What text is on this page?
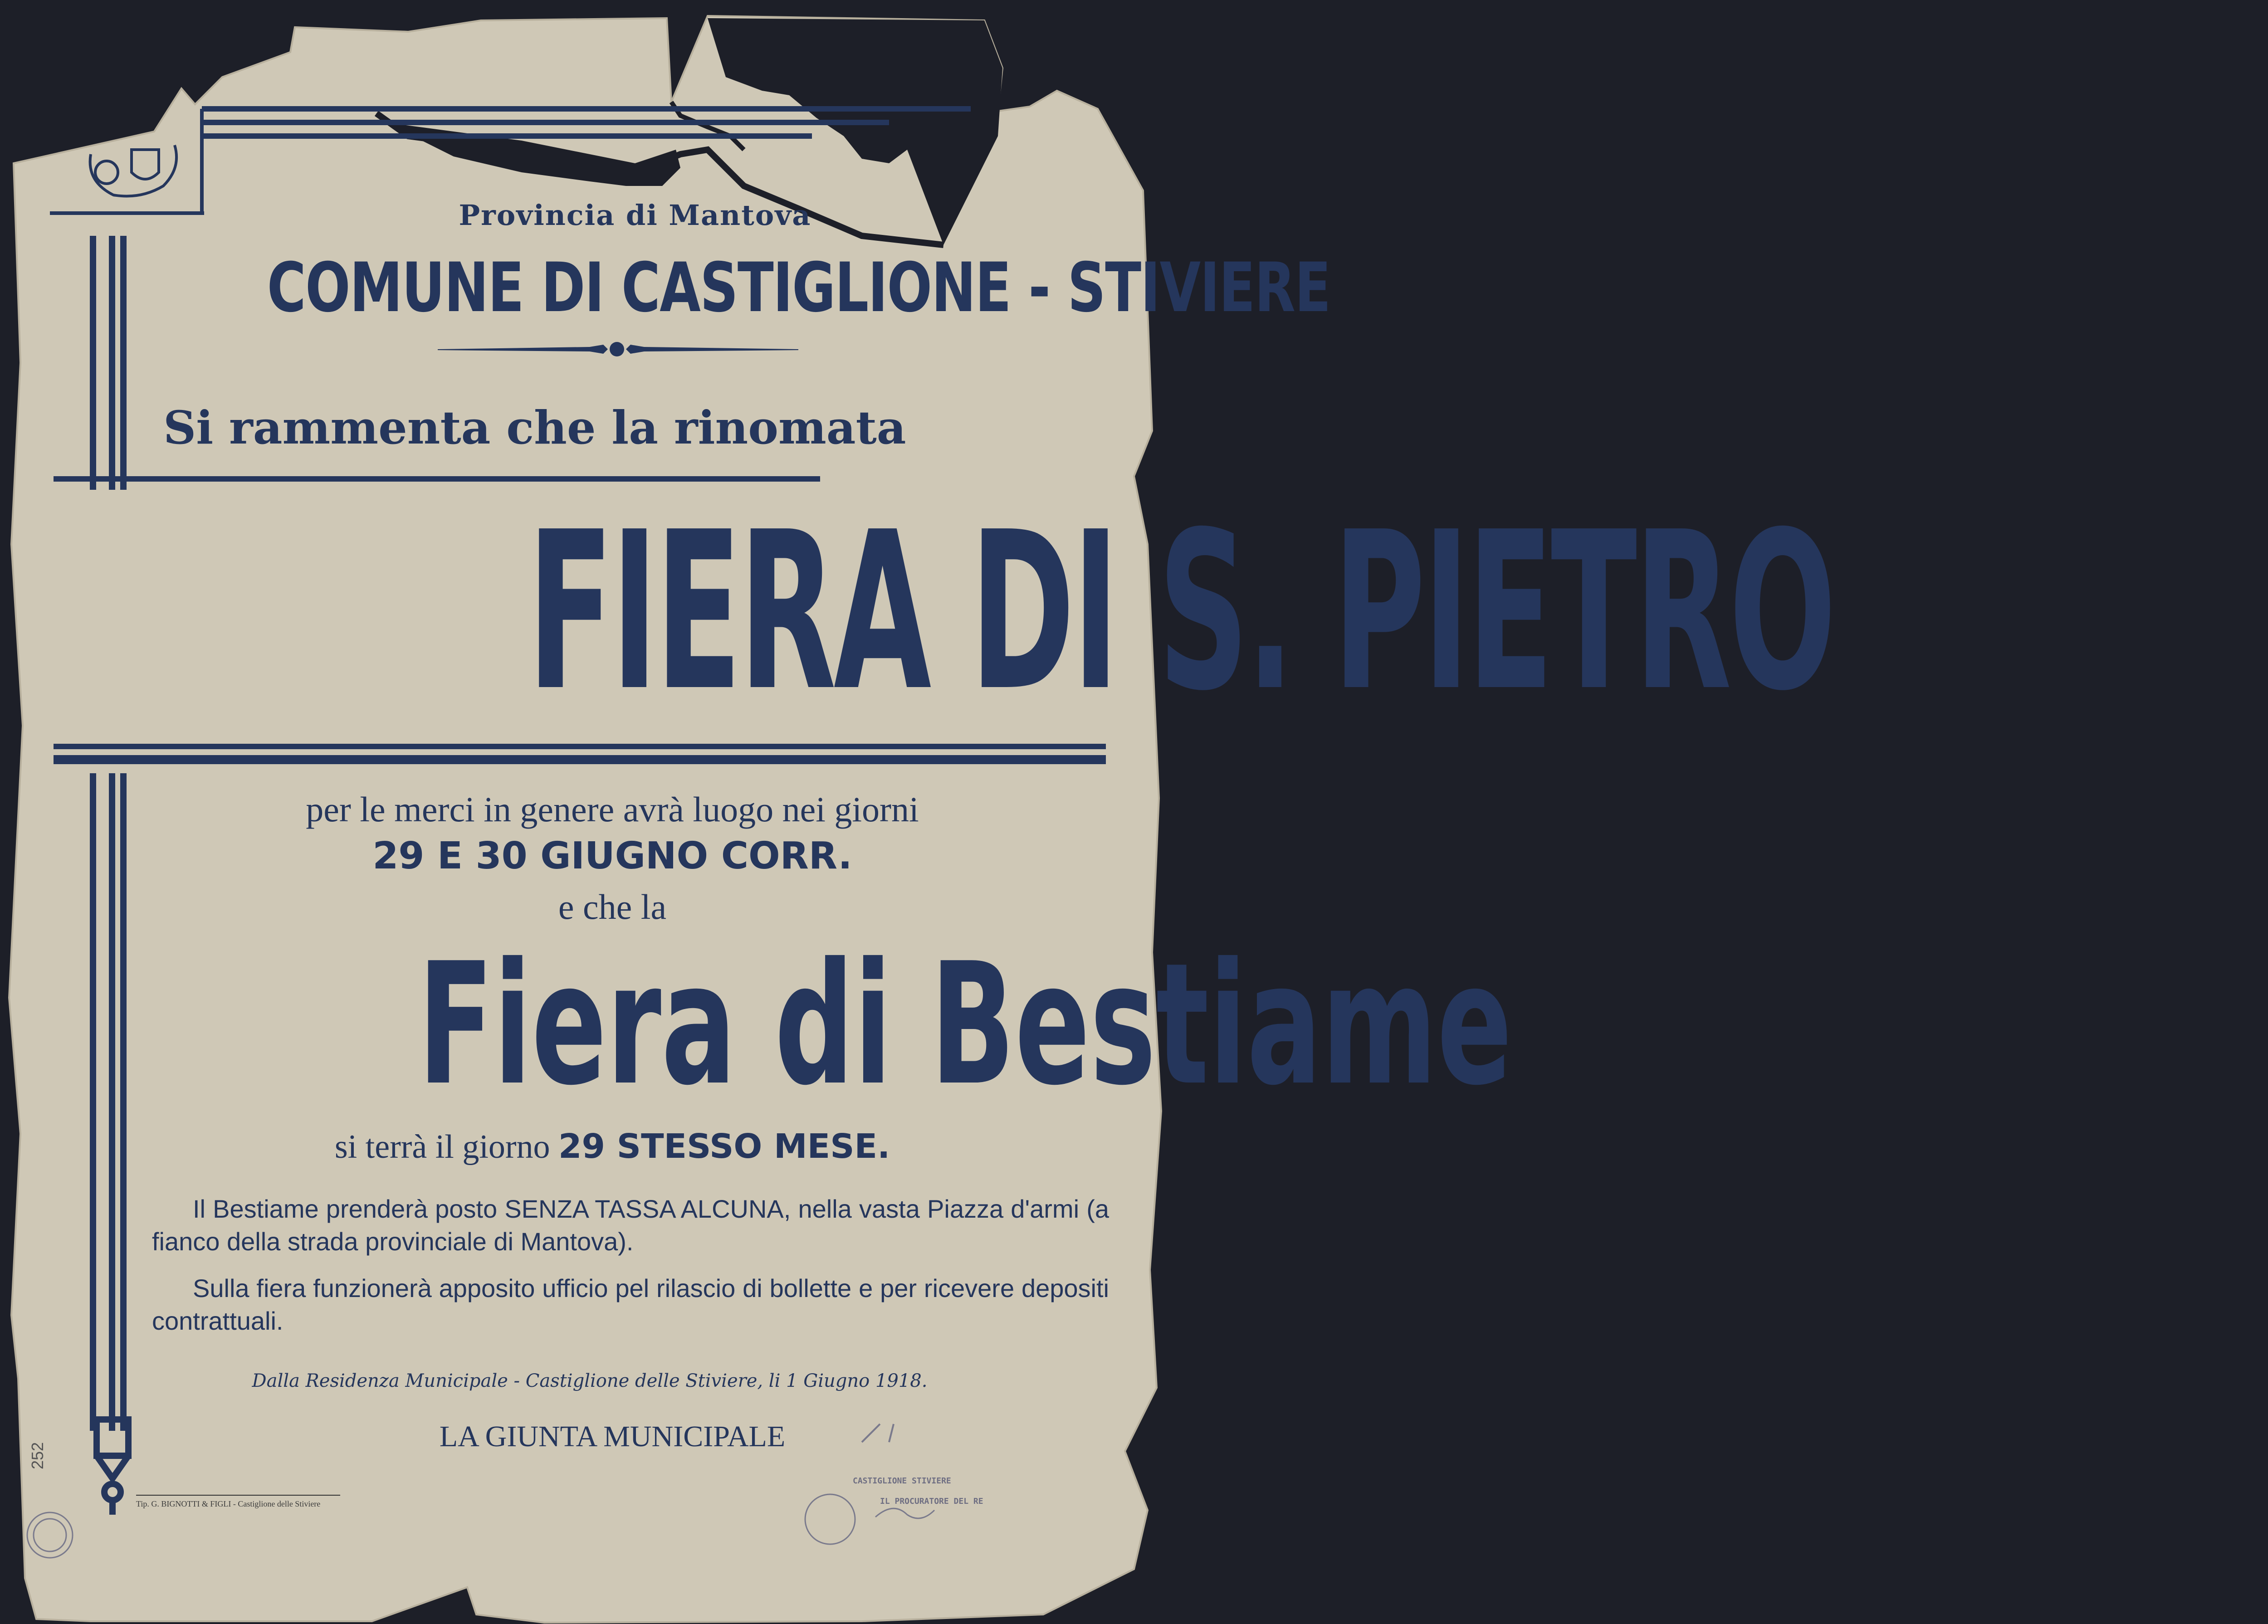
Provincia di Mantova

COMUNE DI CASTIGLIONE - STIVIERE

Si rammenta che la rinomata

FIERA DI S. PIETRO

per le merci in genere avrà luogo nei giorni

29 E 30 GIUGNO CORR.

e che la

Fiera di Bestiame

si terrà il giorno 29 STESSO MESE.

Il Bestiame prenderà posto SENZA TASSA ALCUNA, nella vasta Piazza d'armi (a fianco della strada provinciale di Mantova).

Sulla fiera funzionerà apposito ufficio pel rilascio di bollette e per ricevere depositi contrattuali.

Dalla Residenza Municipale - Castiglione delle Stiviere, li 1 Giugno 1918.

LA GIUNTA MUNICIPALE

Tip. G. BIGNOTTI & FIGLI - Castiglione delle Stiviere

252

CASTIGLIONE STIVIERE

IL PROCURATORE DEL RE
